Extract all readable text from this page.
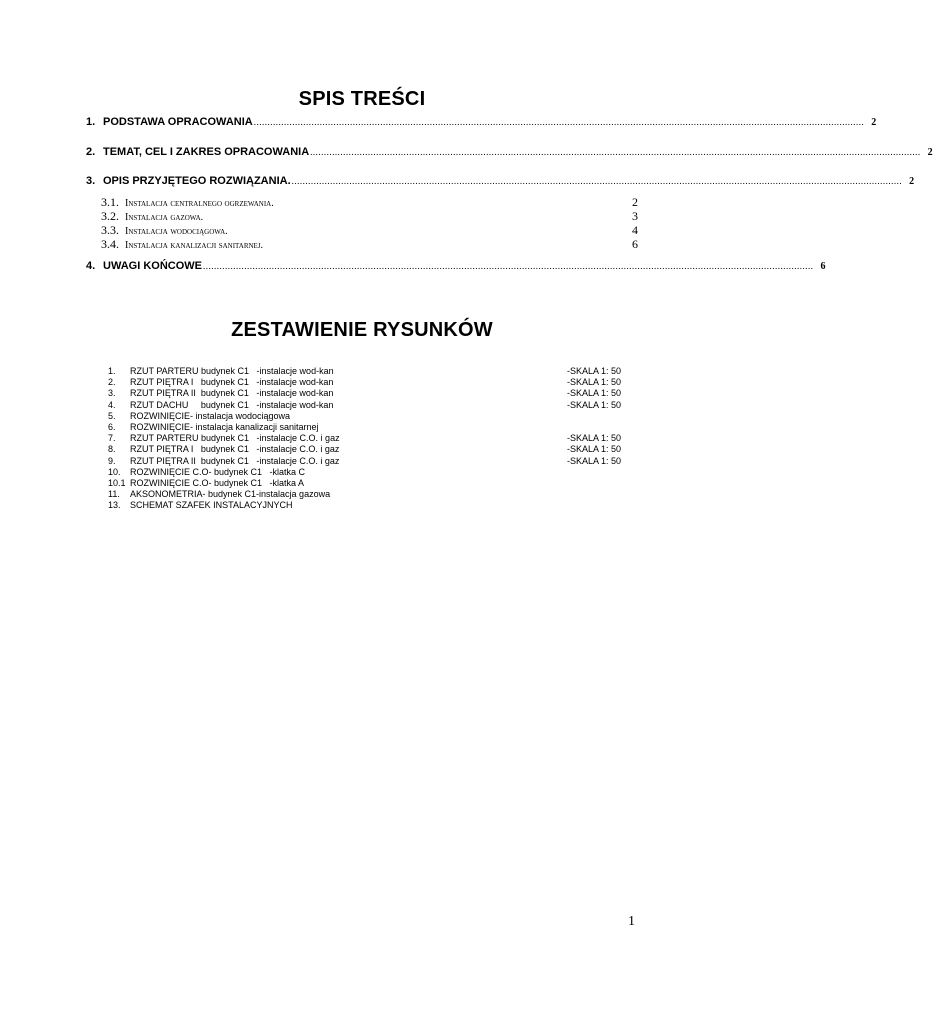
SPIS TREŚCI
1. PODSTAWA OPRACOWANIA .............................................................................................................................................................................................................................. 2
2. TEMAT, CEL I ZAKRES OPRACOWANIA .............................................................................................................................................................................................................................. 2
3. OPIS PRZYJĘTEGO ROZWIĄZANIA. .............................................................................................................................................................................................................................. 2
3.1. Instalacja centralnego ogrzewania.	2
3.2. Instalacja gazowa.	3
3.3. Instalacja wodociągowa.	4
3.4. Instalacja kanalizacji sanitarnej.	6
4. UWAGI KOŃCOWE .............................................................................................................................................................................................................................. 6
ZESTAWIENIE RYSUNKÓW
1. RZUT PARTERU budynek C1   -instalacje wod-kan	-SKALA 1: 50
2. RZUT PIĘTRA I   budynek C1   -instalacje wod-kan	-SKALA 1: 50
3. RZUT PIĘTRA II  budynek C1   -instalacje wod-kan	-SKALA 1: 50
4. RZUT DACHU     budynek C1   -instalacje wod-kan	-SKALA 1: 50
5. ROZWINIĘCIE- instalacja wodociągowa
6. ROZWINIĘCIE- instalacja kanalizacji sanitarnej
7. RZUT PARTERU budynek C1   -instalacje C.O. i gaz	-SKALA 1: 50
8. RZUT PIĘTRA I   budynek C1   -instalacje C.O. i gaz	-SKALA 1: 50
9. RZUT PIĘTRA II  budynek C1   -instalacje C.O. i gaz	-SKALA 1: 50
10. ROZWINIĘCIE C.O- budynek C1   -klatka C
10.1 ROZWINIĘCIE C.O- budynek C1   -klatka A
11. AKSONOMETRIA- budynek C1-instalacja gazowa
13. SCHEMAT SZAFEK INSTALACYJNYCH
1
